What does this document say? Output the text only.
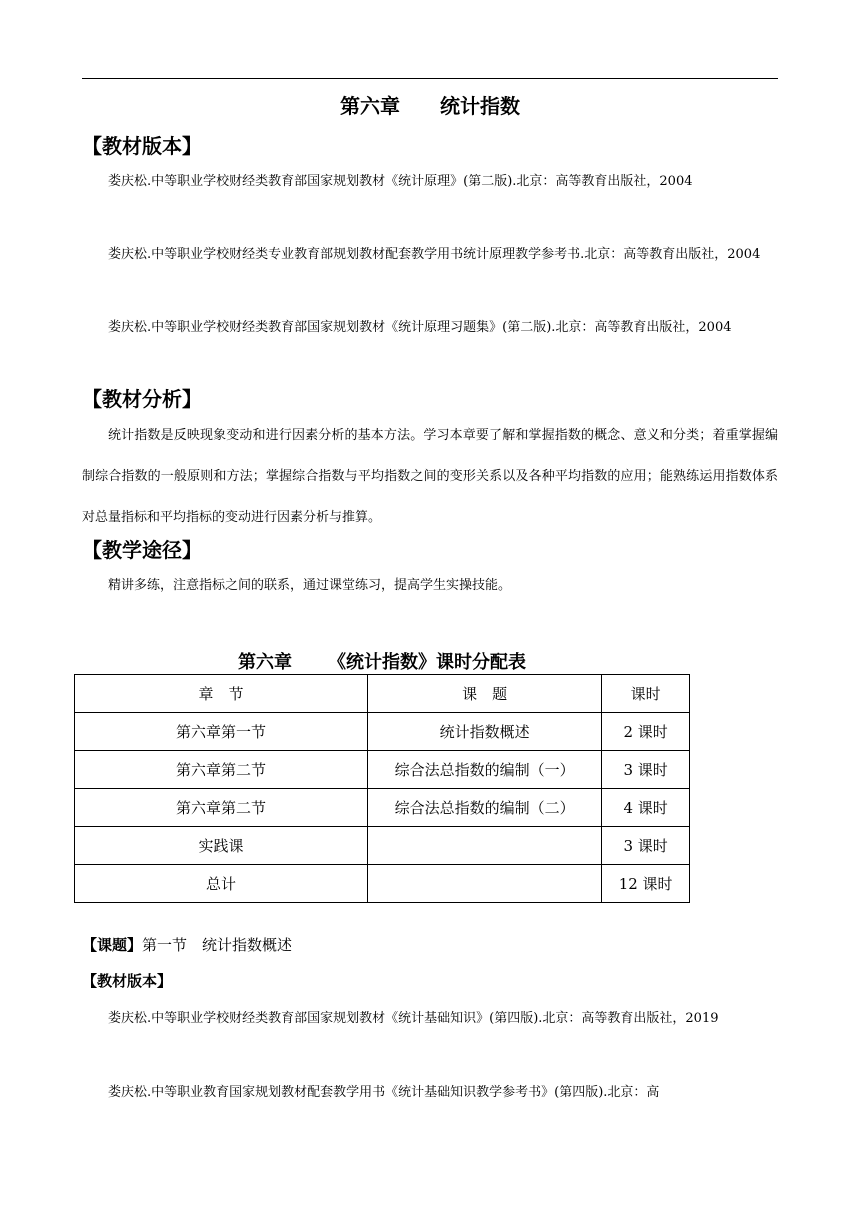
第六章 统计指数
【教材版本】

娄庆松.中等职业学校财经类教育部国家规划教材《统计原理》(第二版).北京：高等教育出版社，2004

娄庆松.中等职业学校财经类专业教育部规划教材配套教学用书统计原理教学参考书.北京：高等教育出版社，2004

娄庆松.中等职业学校财经类教育部国家规划教材《统计原理习题集》(第二版).北京：高等教育出版社，2004

【教材分析】

统计指数是反映现象变动和进行因素分析的基本方法。学习本章要了解和掌握指数的概念、意义和分类；着重掌握编制综合指数的一般原则和方法；掌握综合指数与平均指数之间的变形关系以及各种平均指数的应用；能熟练运用指数体系对总量指标和平均指标的变动进行因素分析与推算。

【教学途径】

精讲多练，注意指标之间的联系，通过课堂练习，提高学生实操技能。

第六章 《统计指数》课时分配表
章　节	课　题	课时
第六章第一节	统计指数概述	2 课时
第六章第二节	综合法总指数的编制（一）	3 课时
第六章第二节	综合法总指数的编制（二）	4 课时
实践课		3 课时
总计		12 课时
【课题】第一节　统计指数概述
【教材版本】

娄庆松.中等职业学校财经类教育部国家规划教材《统计基础知识》(第四版).北京：高等教育出版社，2019

娄庆松.中等职业教育国家规划教材配套教学用书《统计基础知识教学参考书》(第四版).北京：高
